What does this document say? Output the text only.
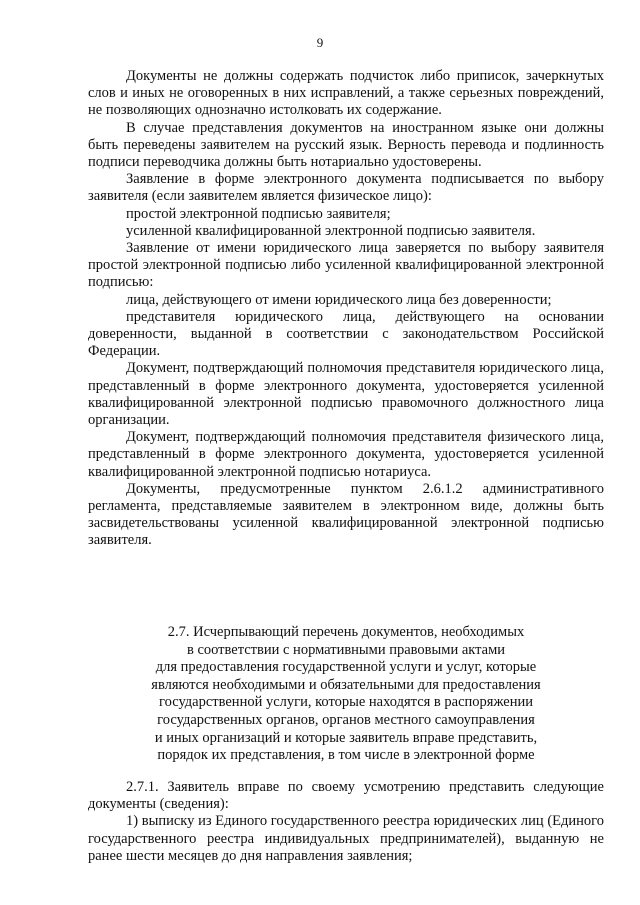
9

Документы не должны содержать подчисток либо приписок, зачеркнутых слов и иных не оговоренных в них исправлений, а также серьезных повреждений, не позволяющих однозначно истолковать их содержание.

В случае представления документов на иностранном языке они должны быть переведены заявителем на русский язык. Верность перевода и подлинность подписи переводчика должны быть нотариально удостоверены.

Заявление в форме электронного документа подписывается по выбору заявителя (если заявителем является физическое лицо):

простой электронной подписью заявителя;

усиленной квалифицированной электронной подписью заявителя.

Заявление от имени юридического лица заверяется по выбору заявителя простой электронной подписью либо усиленной квалифицированной электронной подписью:

лица, действующего от имени юридического лица без доверенности;

представителя юридического лица, действующего на основании доверенности, выданной в соответствии с законодательством Российской Федерации.

Документ, подтверждающий полномочия представителя юридического лица, представленный в форме электронного документа, удостоверяется усиленной квалифицированной электронной подписью правомочного должностного лица организации.

Документ, подтверждающий полномочия представителя физического лица, представленный в форме электронного документа, удостоверяется усиленной квалифицированной электронной подписью нотариуса.

Документы, предусмотренные пунктом 2.6.1.2 административного регламента, представляемые заявителем в электронном виде, должны быть засвидетельствованы усиленной квалифицированной электронной подписью заявителя.

2.7. Исчерпывающий перечень документов, необходимых
в соответствии с нормативными правовыми актами
для предоставления государственной услуги и услуг, которые
являются необходимыми и обязательными для предоставления
государственной услуги, которые находятся в распоряжении
государственных органов, органов местного самоуправления
и иных организаций и которые заявитель вправе представить,
порядок их представления, в том числе в электронной форме

2.7.1. Заявитель вправе по своему усмотрению представить следующие документы (сведения):

1) выписку из Единого государственного реестра юридических лиц (Единого государственного реестра индивидуальных предпринимателей), выданную не ранее шести месяцев до дня направления заявления;
